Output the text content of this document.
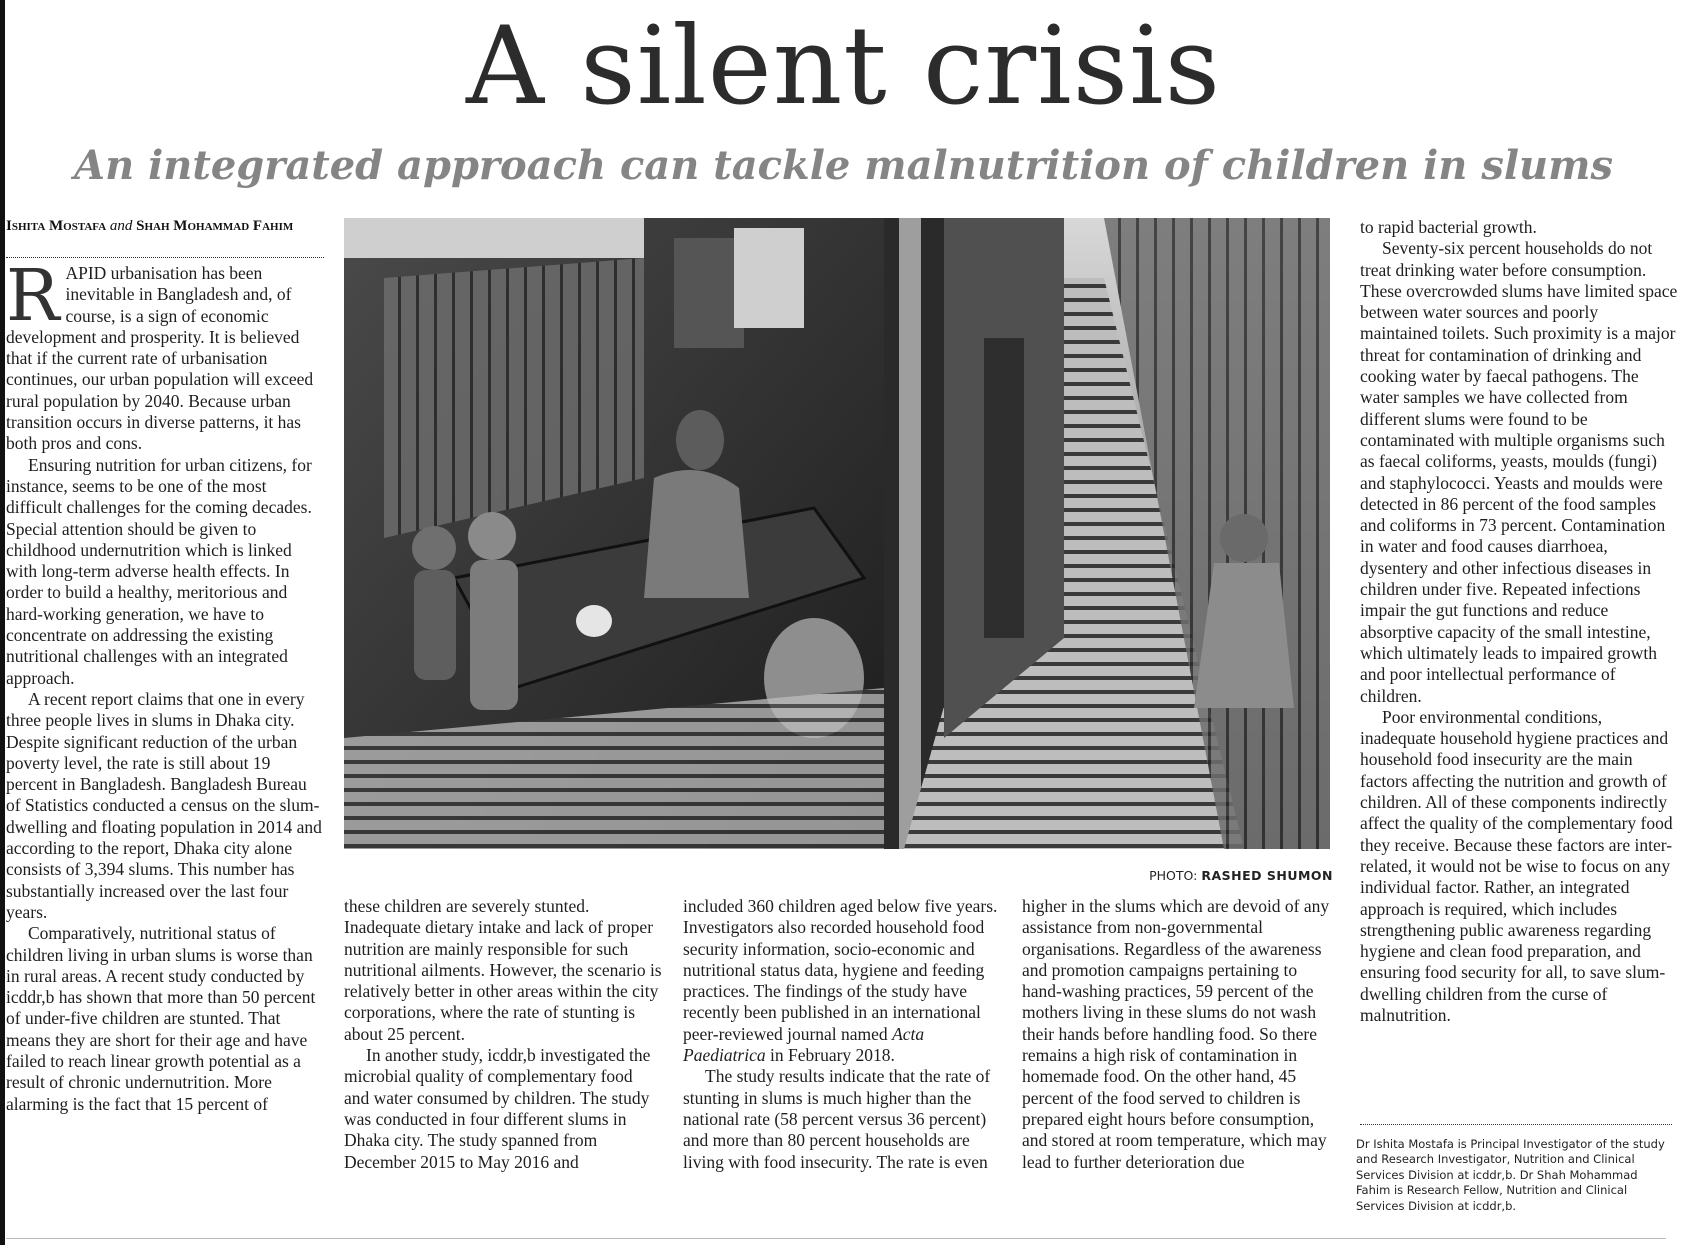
A silent crisis
An integrated approach can tackle malnutrition of children in slums
Ishita Mostafa and Shah Mohammad Fahim

RAPID urbanisation has been inevitable in Bangladesh and, of course, is a sign of economic development and prosperity. It is believed that if the current rate of urbanisation continues, our urban population will exceed rural population by 2040. Because urban transition occurs in diverse patterns, it has both pros and cons.

Ensuring nutrition for urban citizens, for instance, seems to be one of the most difficult challenges for the coming decades. Special attention should be given to childhood undernutrition which is linked with long-term adverse health effects. In order to build a healthy, meritorious and hard-working generation, we have to concentrate on addressing the existing nutritional challenges with an integrated approach.

A recent report claims that one in every three people lives in slums in Dhaka city. Despite significant reduction of the urban poverty level, the rate is still about 19 percent in Bangladesh. Bangladesh Bureau of Statistics conducted a census on the slum-dwelling and floating population in 2014 and according to the report, Dhaka city alone consists of 3,394 slums. This number has substantially increased over the last four years.

Comparatively, nutritional status of children living in urban slums is worse than in rural areas. A recent study conducted by icddr,b has shown that more than 50 percent of under-five children are stunted. That means they are short for their age and have failed to reach linear growth potential as a result of chronic undernutrition. More alarming is the fact that 15 percent of

PHOTO: RASHED SHUMON

these children are severely stunted. Inadequate dietary intake and lack of proper nutrition are mainly responsible for such nutritional ailments. However, the scenario is relatively better in other areas within the city corporations, where the rate of stunting is about 25 percent.

In another study, icddr,b investigated the microbial quality of complementary food and water consumed by children. The study was conducted in four different slums in Dhaka city. The study spanned from December 2015 to May 2016 and

included 360 children aged below five years. Investigators also recorded household food security information, socio-economic and nutritional status data, hygiene and feeding practices. The findings of the study have recently been published in an international peer-reviewed journal named Acta Paediatrica in February 2018.

The study results indicate that the rate of stunting in slums is much higher than the national rate (58 percent versus 36 percent) and more than 80 percent households are living with food insecurity. The rate is even

higher in the slums which are devoid of any assistance from non-governmental organisations. Regardless of the awareness and promotion campaigns pertaining to hand-washing practices, 59 percent of the mothers living in these slums do not wash their hands before handling food. So there remains a high risk of contamination in homemade food. On the other hand, 45 percent of the food served to children is prepared eight hours before consumption, and stored at room temperature, which may lead to further deterioration due

to rapid bacterial growth.

Seventy-six percent households do not treat drinking water before consumption. These overcrowded slums have limited space between water sources and poorly maintained toilets. Such proximity is a major threat for contamination of drinking and cooking water by faecal pathogens. The water samples we have collected from different slums were found to be contaminated with multiple organisms such as faecal coliforms, yeasts, moulds (fungi) and staphylococci. Yeasts and moulds were detected in 86 percent of the food samples and coliforms in 73 percent. Contamination in water and food causes diarrhoea, dysentery and other infectious diseases in children under five. Repeated infections impair the gut functions and reduce absorptive capacity of the small intestine, which ultimately leads to impaired growth and poor intellectual performance of children.

Poor environmental conditions, inadequate household hygiene practices and household food insecurity are the main factors affecting the nutrition and growth of children. All of these components indirectly affect the quality of the complementary food they receive. Because these factors are inter-related, it would not be wise to focus on any individual factor. Rather, an integrated approach is required, which includes strengthening public awareness regarding hygiene and clean food preparation, and ensuring food security for all, to save slum-dwelling children from the curse of malnutrition.

Dr Ishita Mostafa is Principal Investigator of the study and Research Investigator, Nutrition and Clinical Services Division at icddr,b. Dr Shah Mohammad Fahim is Research Fellow, Nutrition and Clinical Services Division at icddr,b.
